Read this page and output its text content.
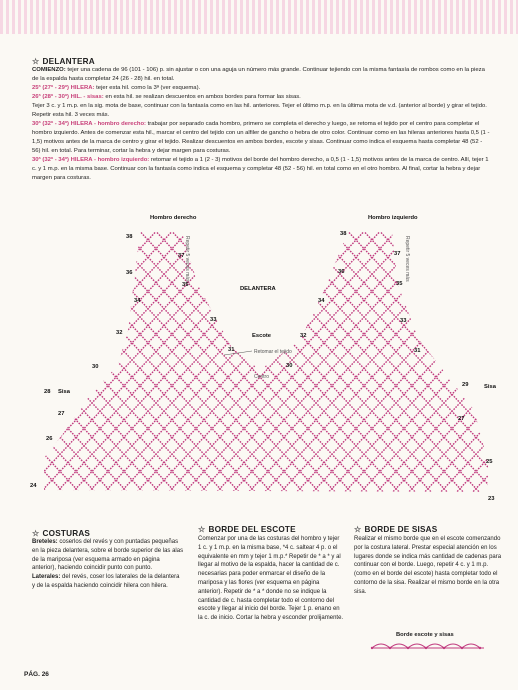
☆ DELANTERA

COMIENZO: tejer una cadena de 96 (101 - 106) p. sin ajustar o con una aguja un número más grande. Continuar tejiendo con la misma fantasía de rombos como en la pieza de la espalda hasta completar 24 (26 - 28) hil. en total.

25ª (27ª - 29ª) HILERA: tejer esta hil. como la 3ª (ver esquema).

26ª (28ª - 30ª) HIL. - sisas: en esta hil. se realizan descuentos en ambos bordes para formar las sisas.

Tejer 3 c. y 1 m.p. en la sig. mota de base, continuar con la fantasía como en las hil. anteriores. Tejer el último m.p. en la última mota de v.d. (anterior al borde) y girar el tejido. Repetir esta hil. 3 veces más.

30ª (32ª - 34ª) HILERA - hombro derecho: trabajar por separado cada hombro, primero se completa el derecho y luego, se retoma el tejido por el centro para completar el hombro izquierdo. Antes de comenzar esta hil., marcar el centro del tejido con un alfiler de gancho o hebra de otro color. Continuar como en las hileras anteriores hasta 0,5 (1 - 1,5) motivos antes de la marca de centro y girar el tejido. Realizar descuentos en ambos bordes, escote y sisas. Continuar como indica el esquema hasta completar 48 (52 - 56) hil. en total. Para terminar, cortar la hebra y dejar margen para costuras.

30ª (32ª - 34ª) HILERA - hombro izquierdo: retomar el tejido a 1 (2 - 3) motivos del borde del hombro derecho, a 0,5 (1 - 1,5) motivos antes de la marca de centro. Allí, tejer 1 c. y 1 m.p. en la misma base. Continuar con la fantasía como indica el esquema y completar 48 (52 - 56) hil. en total como en el otro hombro. Al final, cortar la hebra y dejar margen para costuras.

Hombro derecho	Hombro izquierdo
Repetir 5 veces más	Repetir 5 veces más
DELANTERA
Escote
Retomar el tejido
Centro
Sisa
Sisa
38
37
36
35
34
33
32
31
30
27
26
24
38
37
36
35
34
33
32
31
30
29
27
25
23
28
☆ COSTURAS

Breteles: coserlos del revés y con puntadas pequeñas en la pieza delantera, sobre el borde superior de las alas de la mariposa (ver esquema armado en página anterior), haciendo coincidir punto con punto.

Laterales: del revés, coser los laterales de la delantera y de la espalda haciendo coincidir hilera con hilera.

☆ BORDE DEL ESCOTE

Comenzar por una de las costuras del hombro y tejer 1 c. y 1 m.p. en la misma base, *4 c. saltear 4 p. o el equivalente en mm y tejer 1 m.p.* Repetir de * a * y al llegar al motivo de la espalda, hacer la cantidad de c. necesarias para poder enmarcar el diseño de la mariposa y las flores (ver esquema en página anterior). Repetir de * a * donde no se indique la cantidad de c. hasta completar todo el contorno del escote y llegar al inicio del borde. Tejer 1 p. enano en la c. de inicio. Cortar la hebra y esconder prolijamente.

☆ BORDE DE SISAS

Realizar el mismo borde que en el escote comenzando por la costura lateral. Prestar especial atención en los lugares donde se indica más cantidad de cadenas para continuar con el borde. Luego, repetir 4 c. y 1 m.p. (como en el borde del escote) hasta completar todo el contorno de la sisa. Realizar el mismo borde en la otra sisa.

Borde escote y sisas
PÁG. 26
